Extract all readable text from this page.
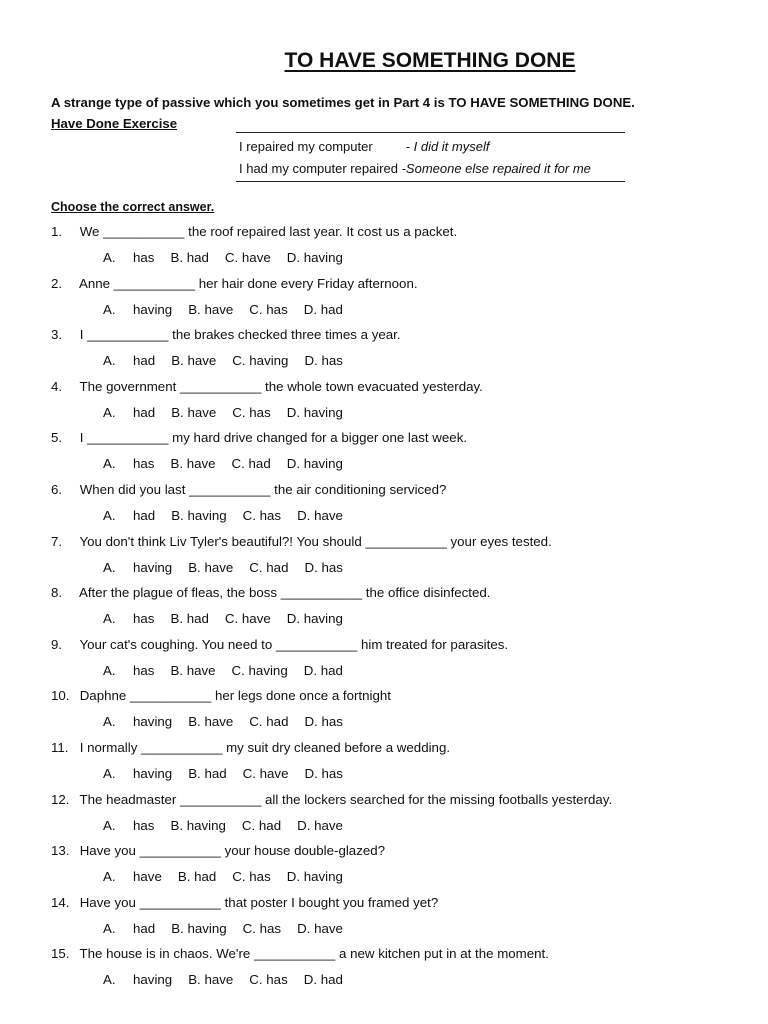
TO HAVE SOMETHING DONE
A strange type of passive which you sometimes get in Part 4 is TO HAVE SOMETHING DONE.
Have Done Exercise
I repaired my computer	- I did it myself
I had my computer repaired -Someone else repaired it for me
Choose the correct answer.
1. We ___________ the roof repaired last year. It cost us a packet.
A. has B. had C. have D. having
2. Anne ___________ her hair done every Friday afternoon.
A. having B. have C. has D. had
3. I ___________ the brakes checked three times a year.
A. had B. have C. having D. has
4. The government ___________ the whole town evacuated yesterday.
A. had B. have C. has D. having
5. I ___________ my hard drive changed for a bigger one last week.
A. has B. have C. had D. having
6. When did you last ___________ the air conditioning serviced?
A. had B. having C. has D. have
7. You don't think Liv Tyler's beautiful?! You should ___________ your eyes tested.
A. having B. have C. had D. has
8. After the plague of fleas, the boss ___________ the office disinfected.
A. has B. had C. have D. having
9. Your cat's coughing. You need to ___________ him treated for parasites.
A. has B. have C. having D. had
10. Daphne ___________ her legs done once a fortnight
A. having B. have C. had D. has
11. I normally ___________ my suit dry cleaned before a wedding.
A. having B. had C. have D. has
12. The headmaster ___________ all the lockers searched for the missing footballs yesterday.
A. has B. having C. had D. have
13. Have you ___________ your house double-glazed?
A. have B. had C. has D. having
14. Have you ___________ that poster I bought you framed yet?
A. had B. having C. has D. have
15. The house is in chaos. We're ___________ a new kitchen put in at the moment.
A. having B. have C. has D. had
